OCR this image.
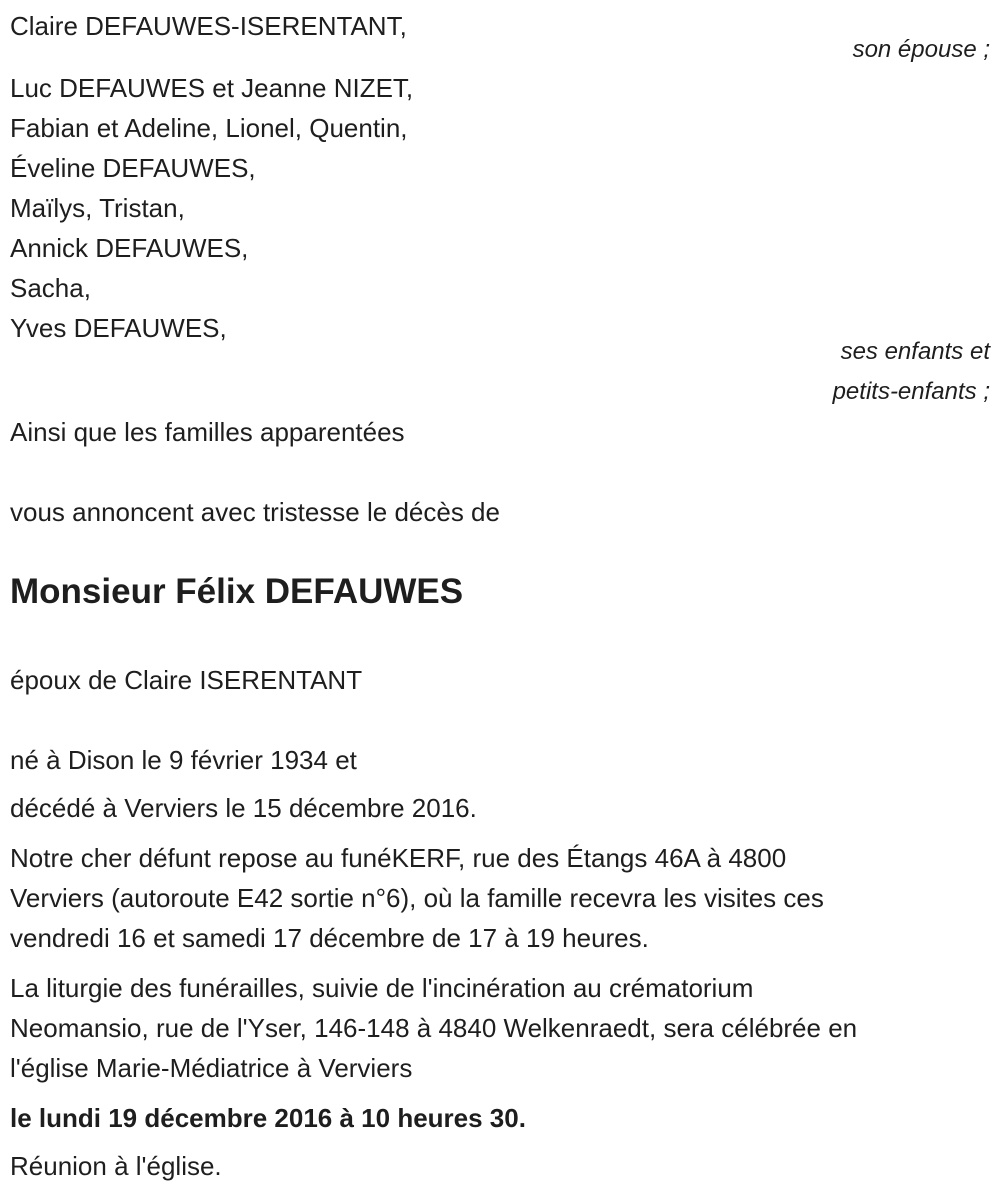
Claire DEFAUWES-ISERENTANT,
son épouse ;
Luc DEFAUWES et Jeanne NIZET,
Fabian et Adeline, Lionel, Quentin,
Éveline DEFAUWES,
Maïlys, Tristan,
Annick DEFAUWES,
Sacha,
Yves DEFAUWES,
ses enfants et
petits-enfants ;
Ainsi que les familles apparentées
vous annoncent avec tristesse le décès de
Monsieur Félix DEFAUWES
époux de Claire ISERENTANT
né à Dison le 9 février 1934 et
décédé à Verviers le 15 décembre 2016.
Notre cher défunt repose au funéKERF, rue des Étangs 46A à 4800
Verviers (autoroute E42 sortie n°6), où la famille recevra les visites ces
vendredi 16 et samedi 17 décembre de 17 à 19 heures.
La liturgie des funérailles, suivie de l'incinération au crématorium
Neomansio, rue de l'Yser, 146-148 à 4840 Welkenraedt, sera célébrée en
l'église Marie-Médiatrice à Verviers
le lundi 19 décembre 2016 à 10 heures 30.
Réunion à l'église.
